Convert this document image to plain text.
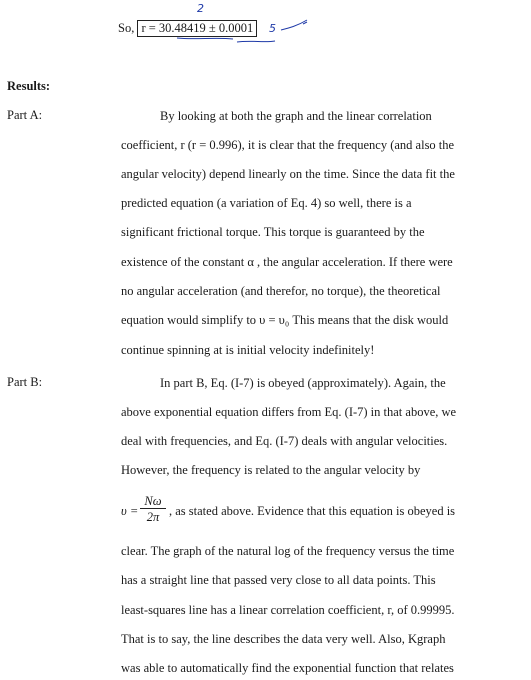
So, r = 30.48419 ± 0.0001
2
5
Results:
Part A:	By looking at both the graph and the linear correlation
coefficient, r (r = 0.996), it is clear that the frequency (and also the
angular velocity) depend linearly on the time. Since the data fit the
predicted equation (a variation of Eq. 4) so well, there is a
significant frictional torque. This torque is guaranteed by the
existence of the constant α , the angular acceleration. If there were
no angular acceleration (and therefor, no torque), the theoretical
equation would simplify to υ = υ₀ This means that the disk would
continue spinning at is initial velocity indefinitely!
Part B:	In part B, Eq. (I-7) is obeyed (approximately). Again, the
above exponential equation differs from Eq. (I-7) in that above, we
deal with frequencies, and Eq. (I-7) deals with angular velocities.
However, the frequency is related to the angular velocity by
$\upsilon = \frac{N\omega}{2\pi}$ , as stated above. Evidence that this equation is obeyed is
clear. The graph of the natural log of the frequency versus the time
has a straight line that passed very close to all data points. This
least-squares line has a linear correlation coefficient, r, of 0.99995.
That is to say, the line describes the data very well. Also, Kgraph
was able to automatically find the exponential function that relates
